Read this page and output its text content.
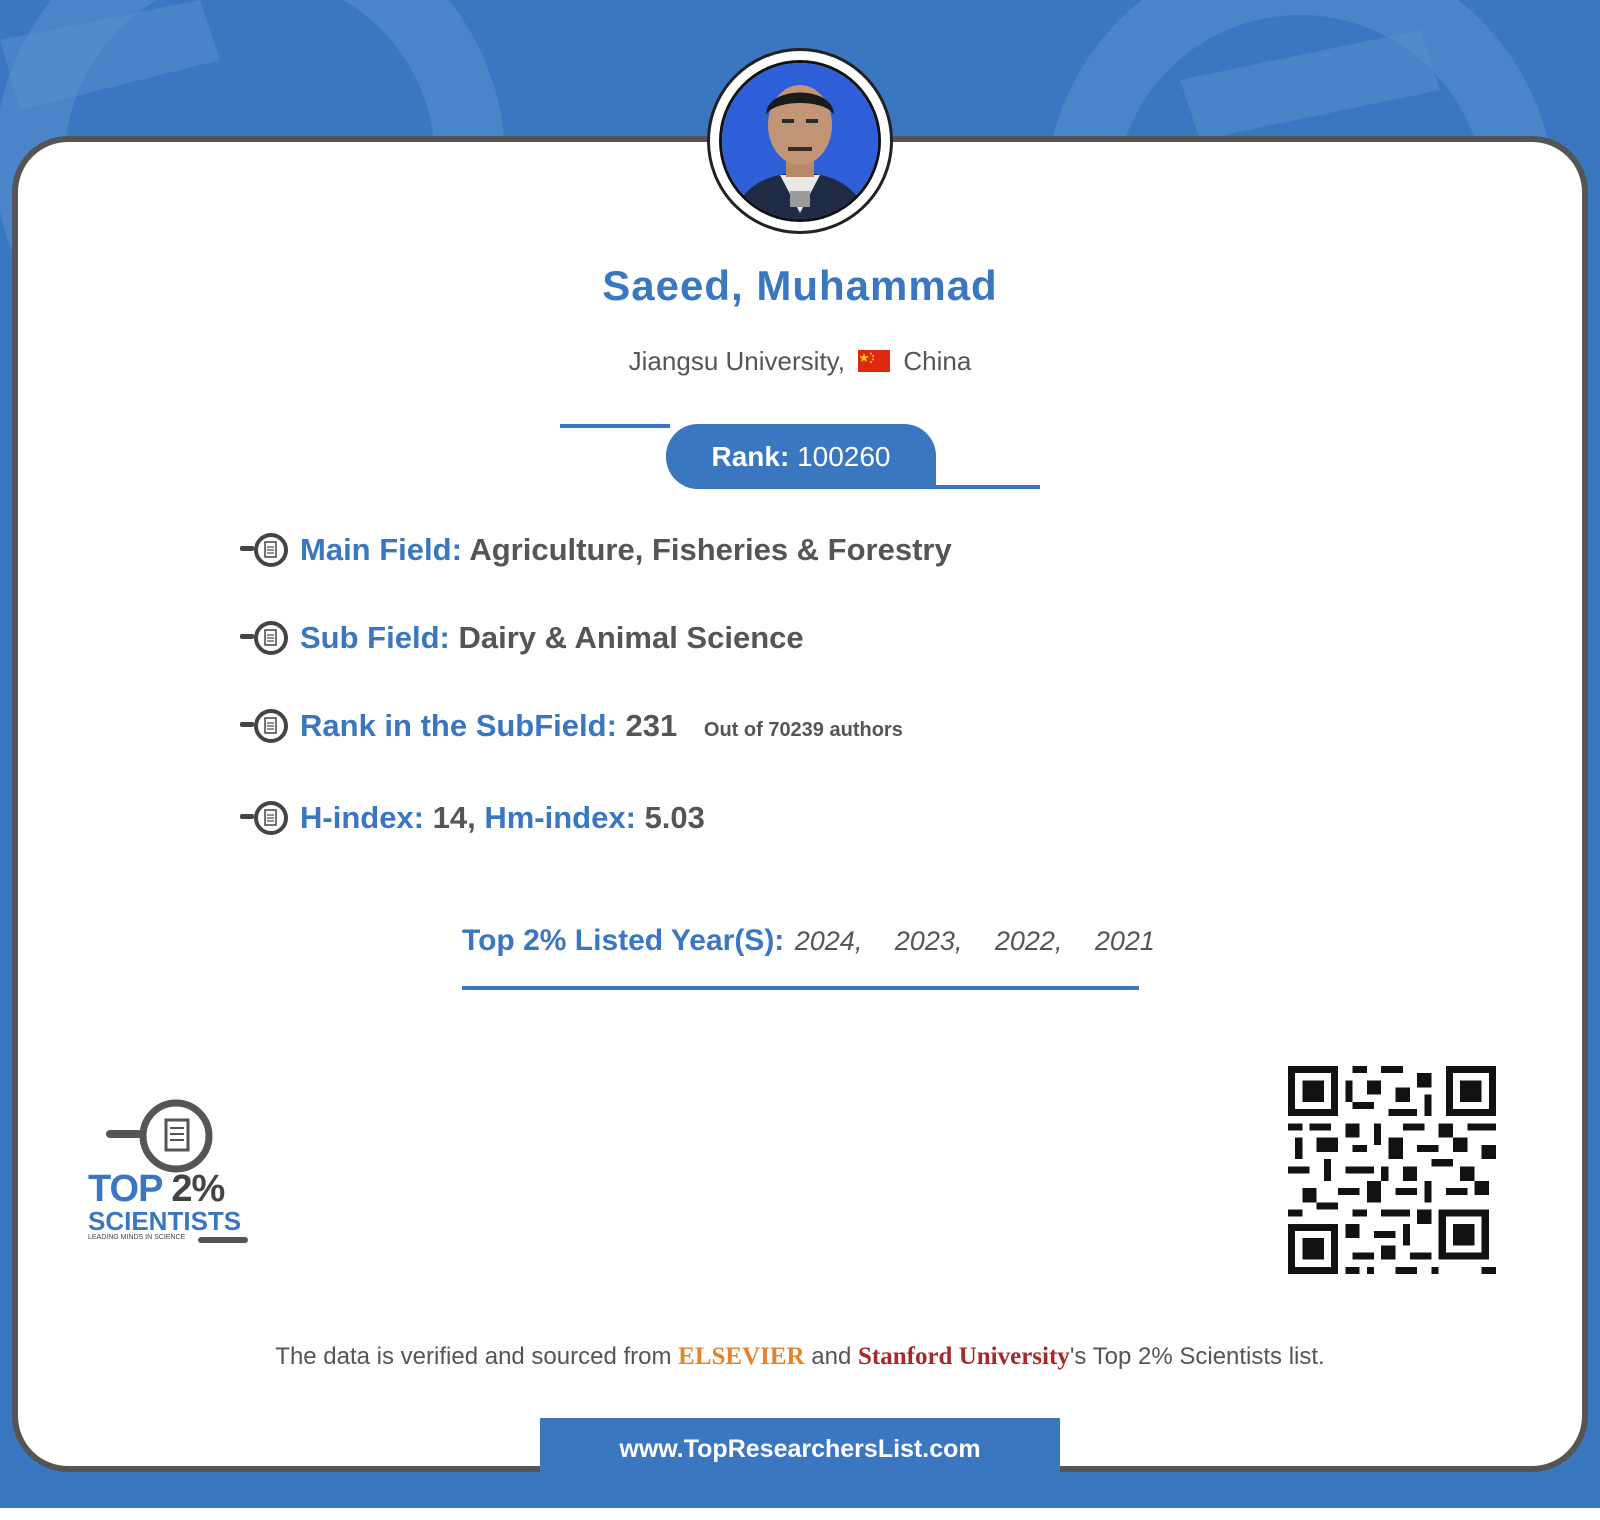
Saeed, Muhammad
Jiangsu University, China
Rank: 100260
Main Field: Agriculture, Fisheries & Forestry
Sub Field: Dairy & Animal Science
Rank in the SubField: 231 Out of 70239 authors
H-index: 14, Hm-index: 5.03
Top 2% Listed Year(S): 2024, 2023, 2022, 2021
TOP 2%
SCIENTISTS
LEADING MINDS IN SCIENCE
The data is verified and sourced from ELSEVIER and Stanford University's Top 2% Scientists list.
www.TopResearchersList.com
